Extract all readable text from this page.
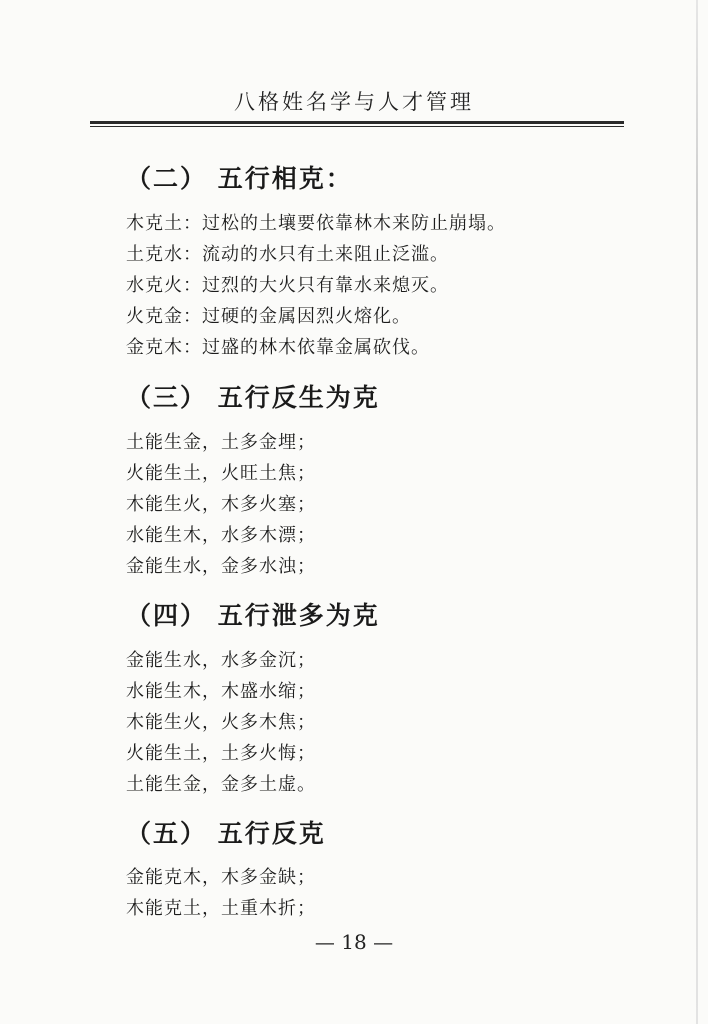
八格姓名学与人才管理
（二） 五行相克：
木克土：过松的土壤要依靠林木来防止崩塌。
土克水：流动的水只有土来阻止泛滥。
水克火：过烈的大火只有靠水来熄灭。
火克金：过硬的金属因烈火熔化。
金克木：过盛的林木依靠金属砍伐。
（三） 五行反生为克
土能生金，土多金埋；
火能生土，火旺土焦；
木能生火，木多火塞；
水能生木，水多木漂；
金能生水，金多水浊；
（四） 五行泄多为克
金能生水，水多金沉；
水能生木，木盛水缩；
木能生火，火多木焦；
火能生土，土多火悔；
土能生金，金多土虚。
（五） 五行反克
金能克木，木多金缺；
木能克土，土重木折；
— 18 —
